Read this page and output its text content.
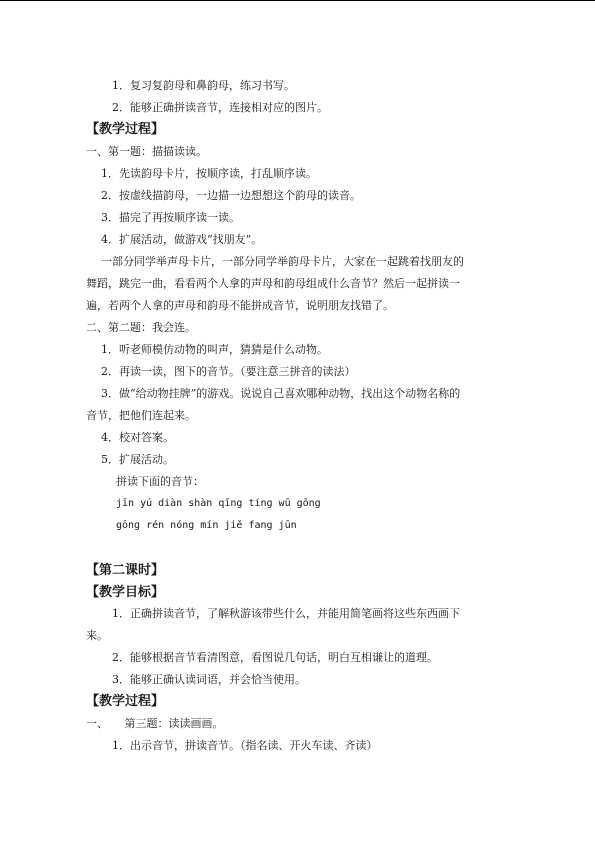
1．复习复韵母和鼻韵母，练习书写。
2．能够正确拼读音节，连接相对应的图片。
【教学过程】
一、第一题：描描读读。
1．先读韵母卡片，按顺序读，打乱顺序读。
2．按虚线描韵母，一边描一边想想这个韵母的读音。
3．描完了再按顺序读一读。
4．扩展活动，做游戏“找朋友”。
一部分同学举声母卡片，一部分同学举韵母卡片，大家在一起跳着找朋友的
舞蹈，跳完一曲，看看两个人拿的声母和韵母组成什么音节？然后一起拼读一
遍，若两个人拿的声母和韵母不能拼成音节，说明朋友找错了。
二、第二题：我会连。
1．听老师模仿动物的叫声，猜猜是什么动物。
2．再读一读，图下的音节。（要注意三拼音的读法）
3．做“给动物挂牌”的游戏。说说自己喜欢哪种动物，找出这个动物名称的
音节，把他们连起来。
4．校对答案。
5．扩展活动。
拼读下面的音节：
jīn yú diàn shàn qīng tíng wū gōng
gōng rén nóng mín jiě fang jūn
【第二课时】
【教学目标】
1．正确拼读音节，了解秋游该带些什么，并能用简笔画将这些东西画下
来。
2．能够根据音节看清图意，看图说几句话，明白互相谦让的道理。
3．能够正确认读词语，并会恰当使用。
【教学过程】
一、　　第三题：读读画画。
1．出示音节，拼读音节。（指名读、开火车读、齐读）
